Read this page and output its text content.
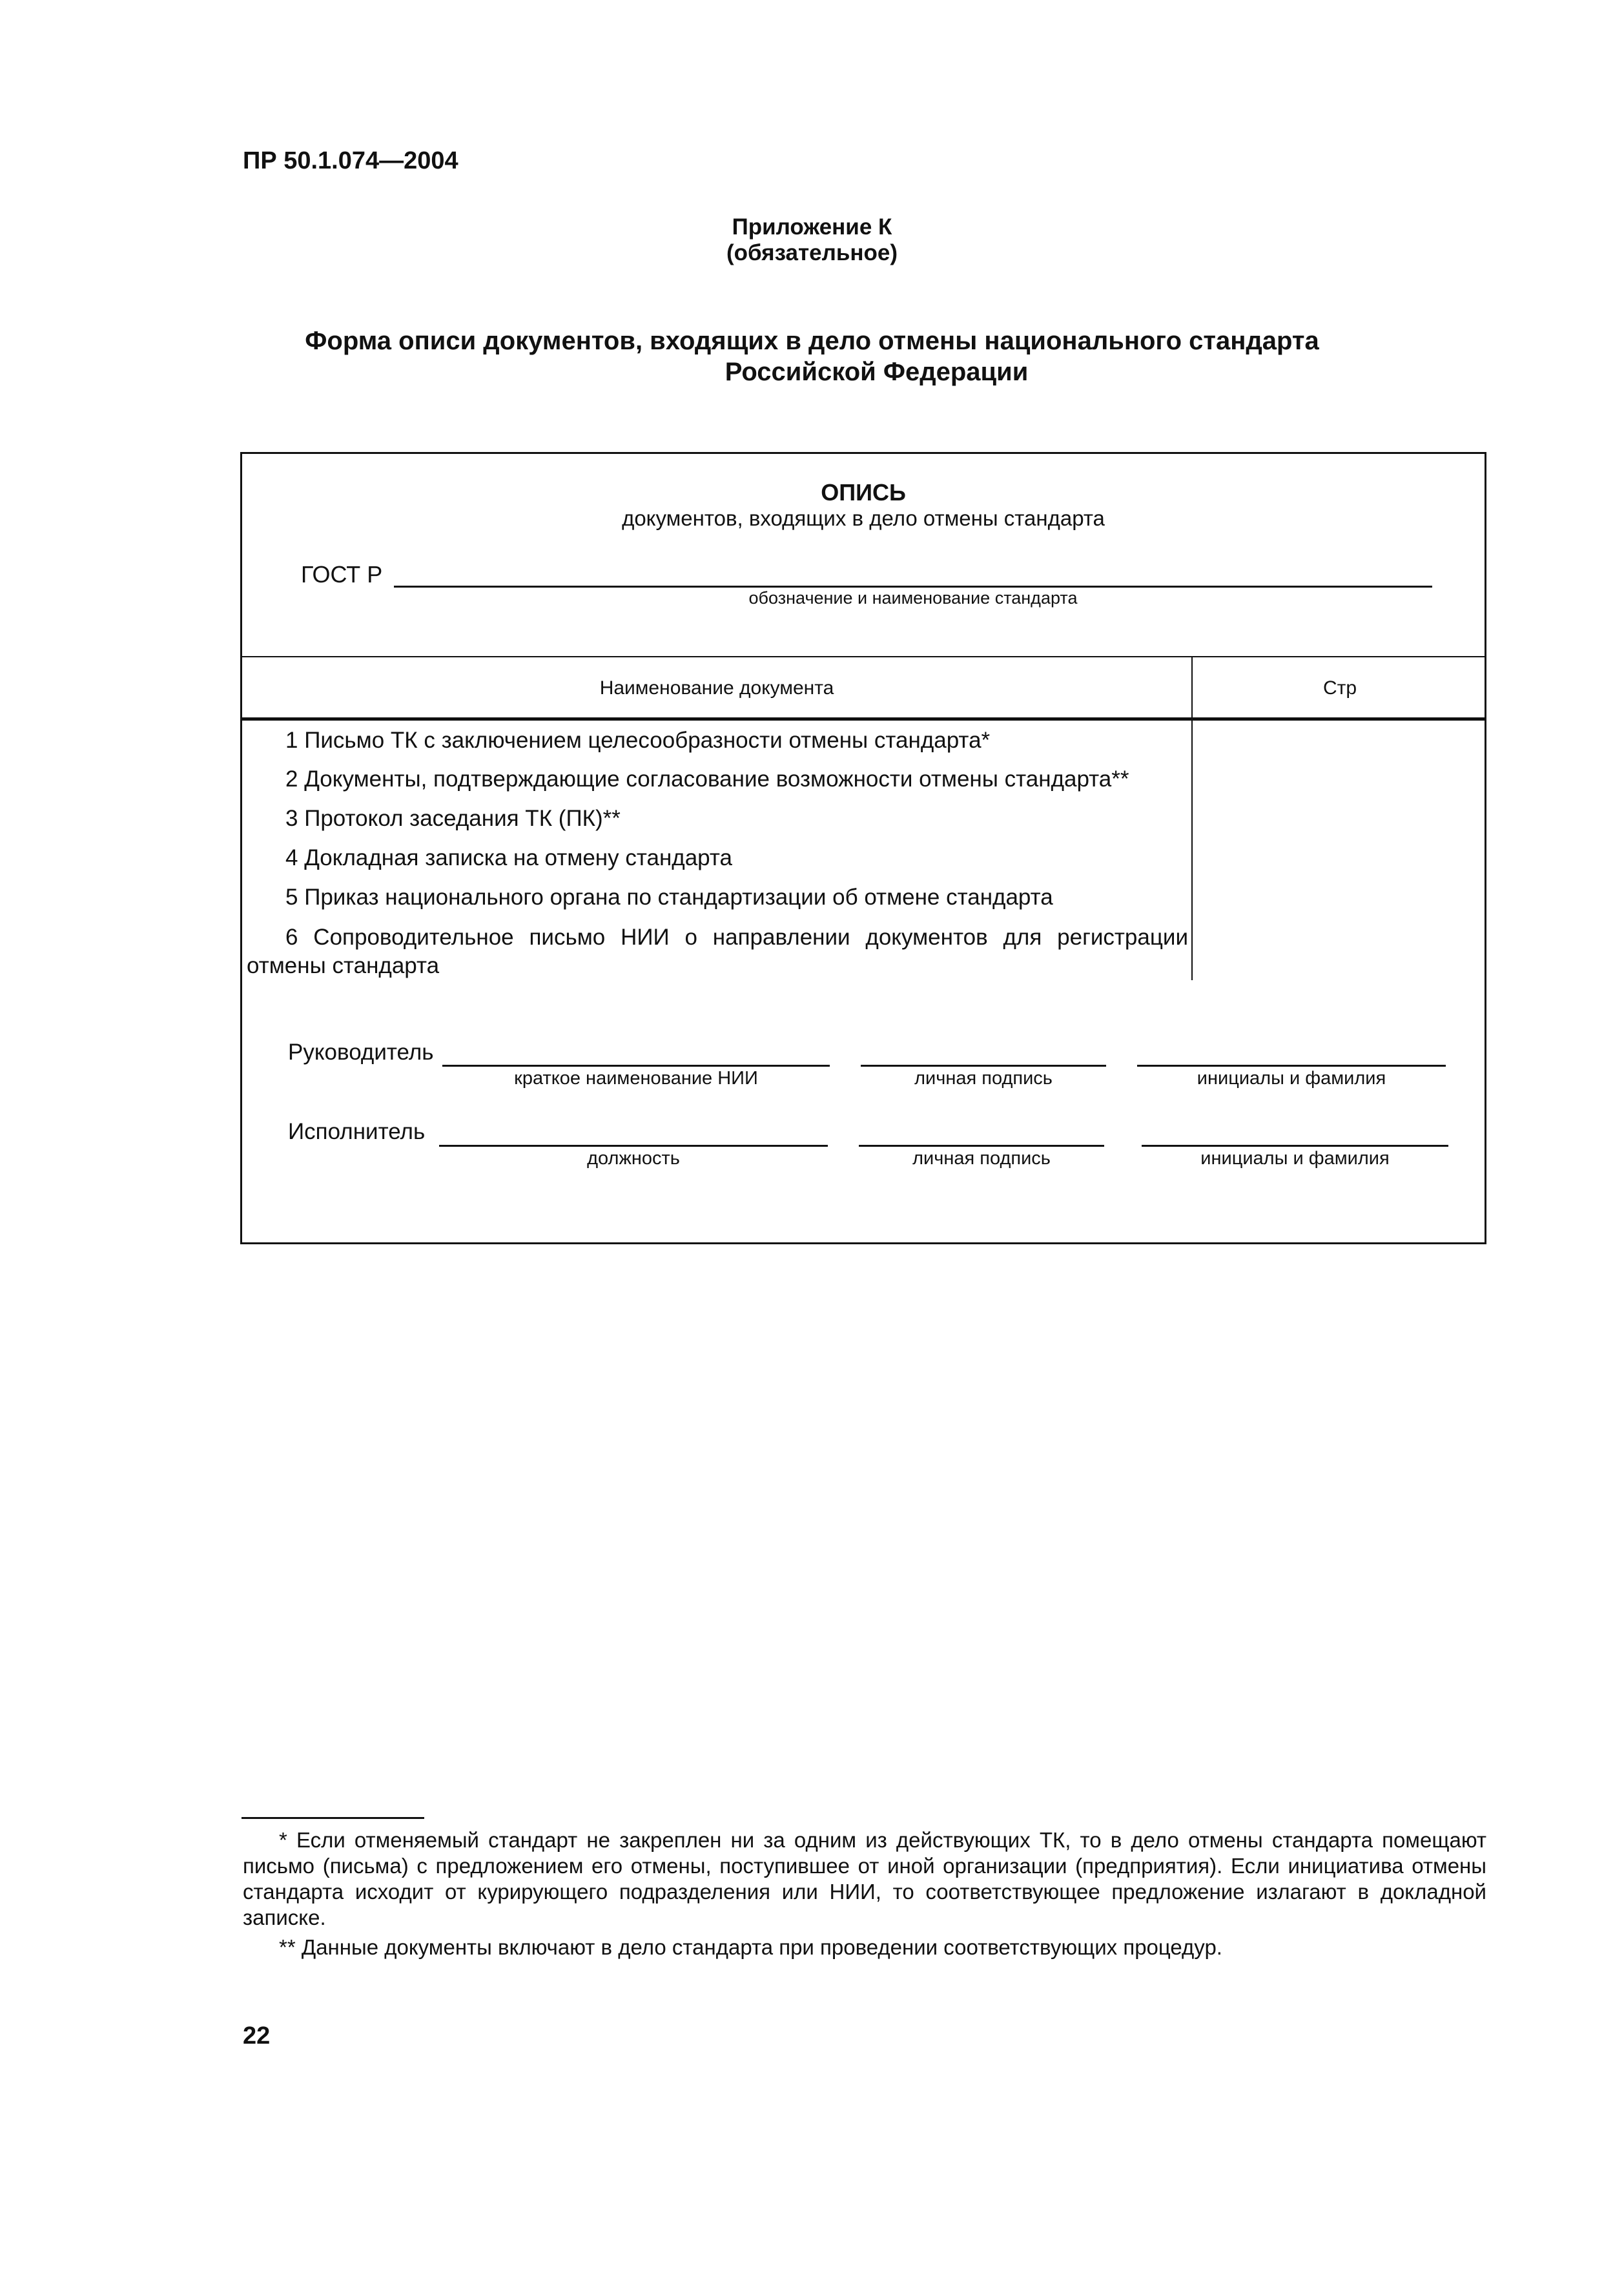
ПР 50.1.074—2004
Приложение К
(обязательное)
Форма описи документов, входящих в дело отмены национального стандарта
Российской Федерации
ОПИСЬ
документов, входящих в дело отмены стандарта
ГОСТ Р
обозначение и наименование стандарта
Наименование документа	Стр
1 Письмо ТК с заключением целесообразности отмены стандарта*
2 Документы, подтверждающие согласование возможности отмены стандарта**
3 Протокол заседания ТК (ПК)**
4 Докладная записка на отмену стандарта
5 Приказ национального органа по стандартизации об отмене стандарта
6 Сопроводительное письмо НИИ о направлении документов для регистрации
отмены стандарта
Руководитель
краткое наименование НИИ	личная подпись	инициалы и фамилия
Исполнитель
должность	личная подпись	инициалы и фамилия
* Если отменяемый стандарт не закреплен ни за одним из действующих ТК, то в дело отмены стандарта помещают письмо (письма) с предложением его отмены, поступившее от иной организации (предприятия). Если инициатива отмены стандарта исходит от курирующего подразделения или НИИ, то соответствующее предложение излагают в докладной записке.
** Данные документы включают в дело стандарта при проведении соответствующих процедур.
22
